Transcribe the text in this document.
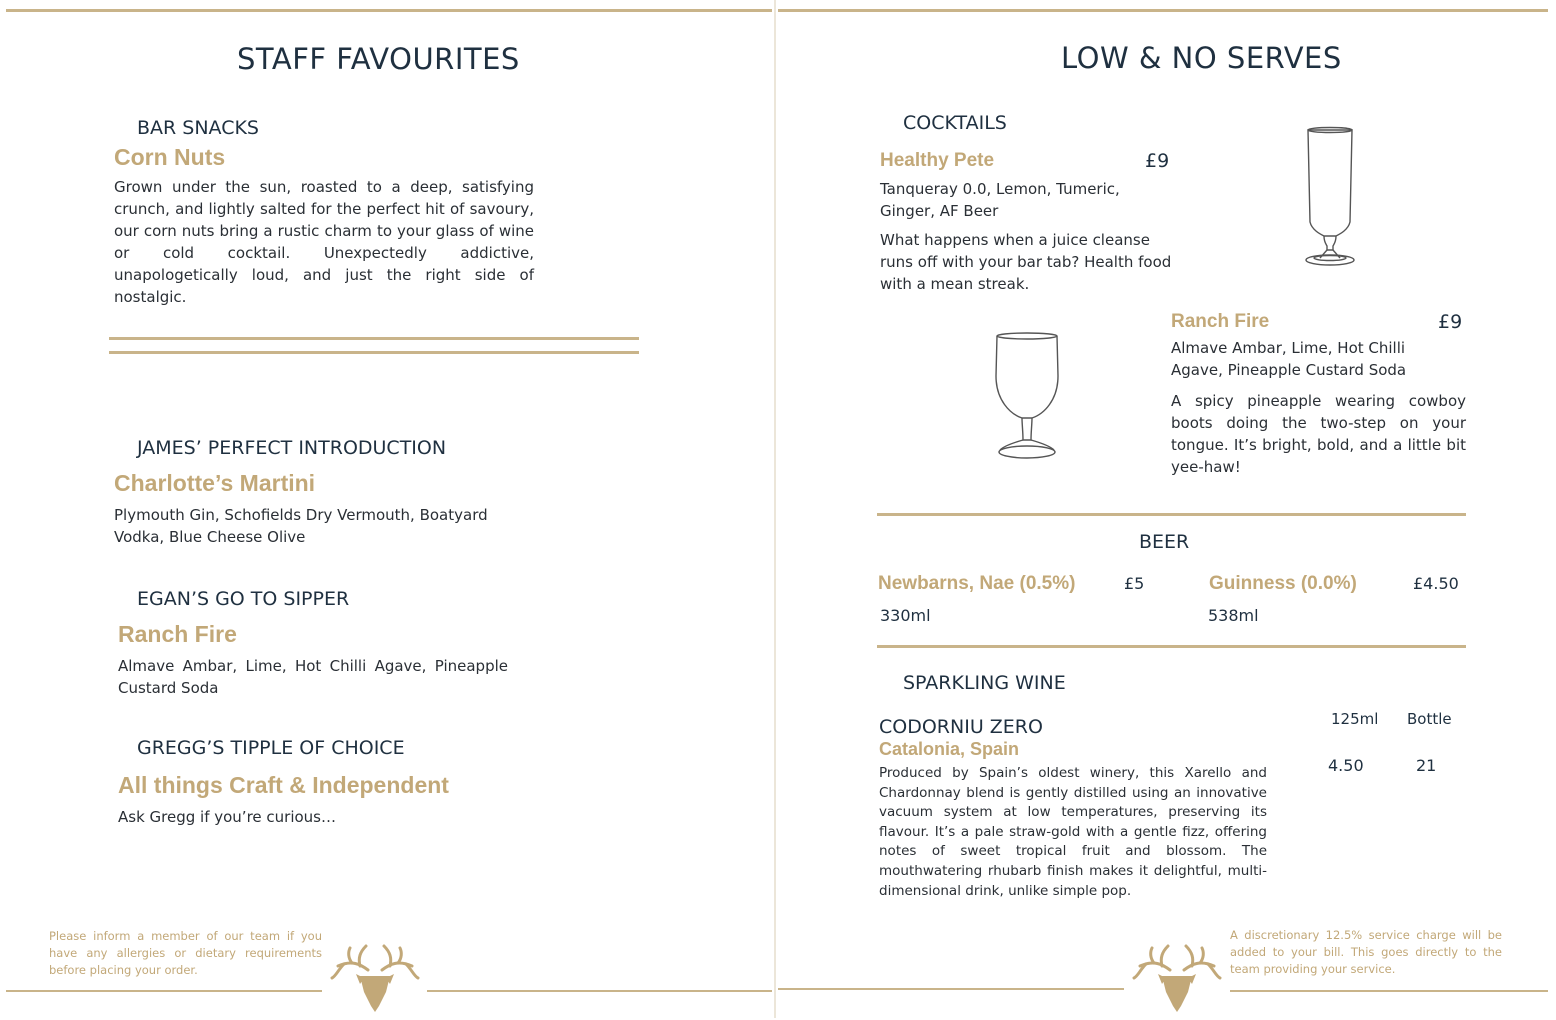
STAFF FAVOURITES
BAR SNACKS
Corn Nuts
Grown under the sun, roasted to a deep, satisfying crunch, and lightly salted for the perfect hit of savoury, our corn nuts bring a rustic charm to your glass of wine or cold cocktail. Unexpectedly addictive, unapologetically loud, and just the right side of nostalgic.
JAMES’ PERFECT INTRODUCTION
Charlotte’s Martini
Plymouth Gin, Schofields Dry Vermouth, Boatyard Vodka, Blue Cheese Olive
EGAN’S GO TO SIPPER
Ranch Fire
Almave Ambar, Lime, Hot Chilli Agave, Pineapple Custard Soda
GREGG’S TIPPLE OF CHOICE
All things Craft & Independent
Ask Gregg if you’re curious…
Please inform a member of our team if you have any allergies or dietary requirements before placing your order.
LOW & NO SERVES
COCKTAILS
Healthy Pete	£9
Tanqueray 0.0, Lemon, Tumeric, Ginger, AF Beer
What happens when a juice cleanse runs off with your bar tab? Health food with a mean streak.
Ranch Fire	£9
Almave Ambar, Lime, Hot Chilli Agave, Pineapple Custard Soda
A spicy pineapple wearing cowboy boots doing the two-step on your tongue. It’s bright, bold, and a little bit yee-haw!
BEER
Newbarns, Nae (0.5%)	£5
330ml
Guinness (0.0%)	£4.50
538ml
SPARKLING WINE
125ml Bottle
CODORNIU ZERO
Catalonia, Spain
4.50	21
Produced by Spain’s oldest winery, this Xarello and Chardonnay blend is gently distilled using an innovative vacuum system at low temperatures, preserving its flavour. It’s a pale straw-gold with a gentle fizz, offering notes of sweet tropical fruit and blossom. The mouthwatering rhubarb finish makes it delightful, multi-dimensional drink, unlike simple pop.
A discretionary 12.5% service charge will be added to your bill. This goes directly to the team providing your service.
